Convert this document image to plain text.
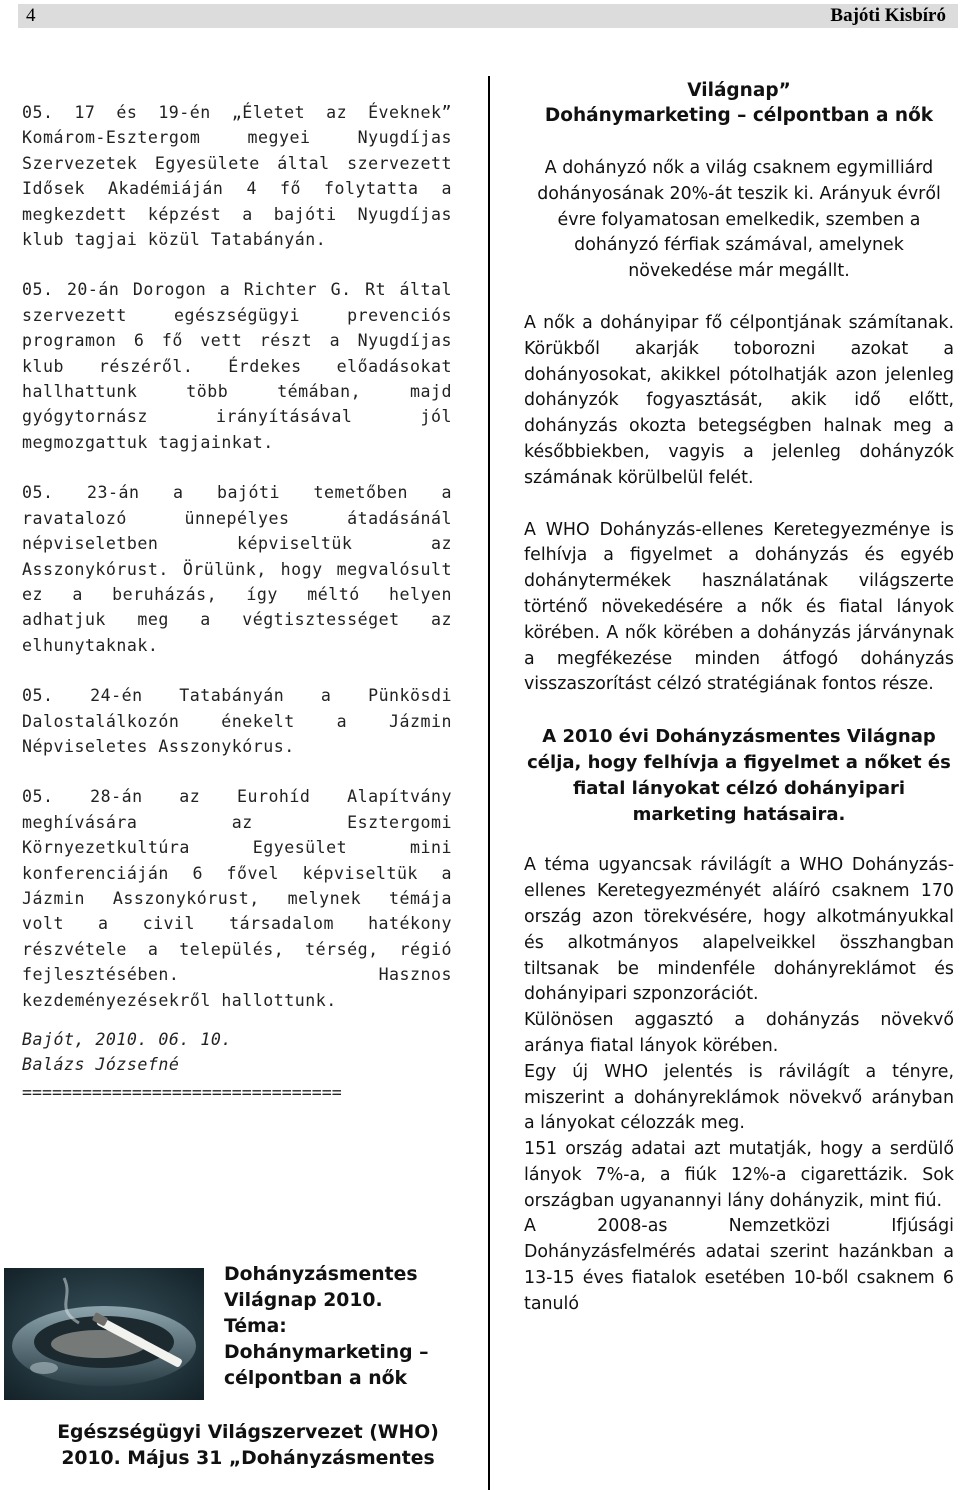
4	Bajóti Kisbíró

05. 17 és 19-én „Életet az Éveknek” Komárom-Esztergom megyei Nyugdíjas Szervezetek Egyesülete által szervezett Idősek Akadémiáján 4 fő folytatta a megkezdett képzést a bajóti Nyugdíjas klub tagjai közül Tatabányán.

05. 20-án Dorogon a Richter G. Rt által szervezett egészségügyi prevenciós programon 6 fő vett részt a Nyugdíjas klub részéről. Érdekes előadásokat hallhattunk több témában, majd gyógytornász irányításával jól megmozgattuk tagjainkat.

05. 23-án a bajóti temetőben a ravatalozó ünnepélyes átadásánál népviseletben képviseltük az Asszonykórust. Örülünk, hogy megvalósult ez a beruházás, így méltó helyen adhatjuk meg a végtisztességet az elhunytaknak.

05. 24-én Tatabányán a Pünkösdi Dalostalálkozón énekelt a Jázmin Népviseletes Asszonykórus.

05. 28-án az Eurohíd Alapítvány meghívására az Esztergomi Környezetkultúra Egyesület mini konferenciáján 6 fővel képviseltük a Jázmin Asszonykórust, melynek témája volt a civil társadalom hatékony részvétele a település, térség, régió fejlesztésében. Hasznos kezdeményezésekről hallottunk.

Bajót, 2010. 06. 10.

Balázs Józsefné

================================

Dohányzásmentes
Világnap 2010.
Téma:
Dohánymarketing –
célpontban a nők
Egészségügyi Világszervezet (WHO)
2010. Május 31 „Dohányzásmentes
Világnap”
Dohánymarketing – célpontban a nők

A dohányzó nők a világ csaknem egymilliárd dohányosának 20%-át teszik ki. Arányuk évről évre folyamatosan emelkedik, szemben a dohányzó férfiak számával, amelynek növekedése már megállt.

A nők a dohányipar fő célpontjának számítanak. Körükből akarják toborozni azokat a dohányosokat, akikkel pótolhatják azon jelenleg dohányzók fogyasztását, akik idő előtt, dohányzás okozta betegségben halnak meg a későbbiekben, vagyis a jelenleg dohányzók számának körülbelül felét.

A WHO Dohányzás-ellenes Keretegyezménye is felhívja a figyelmet a dohányzás és egyéb dohánytermékek használatának világszerte történő növekedésére a nők és fiatal lányok körében. A nők körében a dohányzás járványnak a megfékezése minden átfogó dohányzás visszaszorítást célzó stratégiának fontos része.

A 2010 évi Dohányzásmentes Világnap célja, hogy felhívja a figyelmet a nőket és fiatal lányokat célzó dohányipari marketing hatásaira.

A téma ugyancsak rávilágít a WHO Dohányzás-ellenes Keretegyezményét aláíró csaknem 170 ország azon törekvésére, hogy alkotmányukkal és alkotmányos alapelveikkel összhangban tiltsanak be mindenféle dohányreklámot és dohányipari szponzorációt.

Különösen aggasztó a dohányzás növekvő aránya fiatal lányok körében.

Egy új WHO jelentés is rávilágít a tényre, miszerint a dohányreklámok növekvő arányban a lányokat célozzák meg.

151 ország adatai azt mutatják, hogy a serdülő lányok 7%-a, a fiúk 12%-a cigarettázik. Sok országban ugyanannyi lány dohányzik, mint fiú.

A 2008-as Nemzetközi Ifjúsági Dohányzásfelmérés adatai szerint hazánkban a 13-15 éves fiatalok esetében 10-ből csaknem 6 tanuló
